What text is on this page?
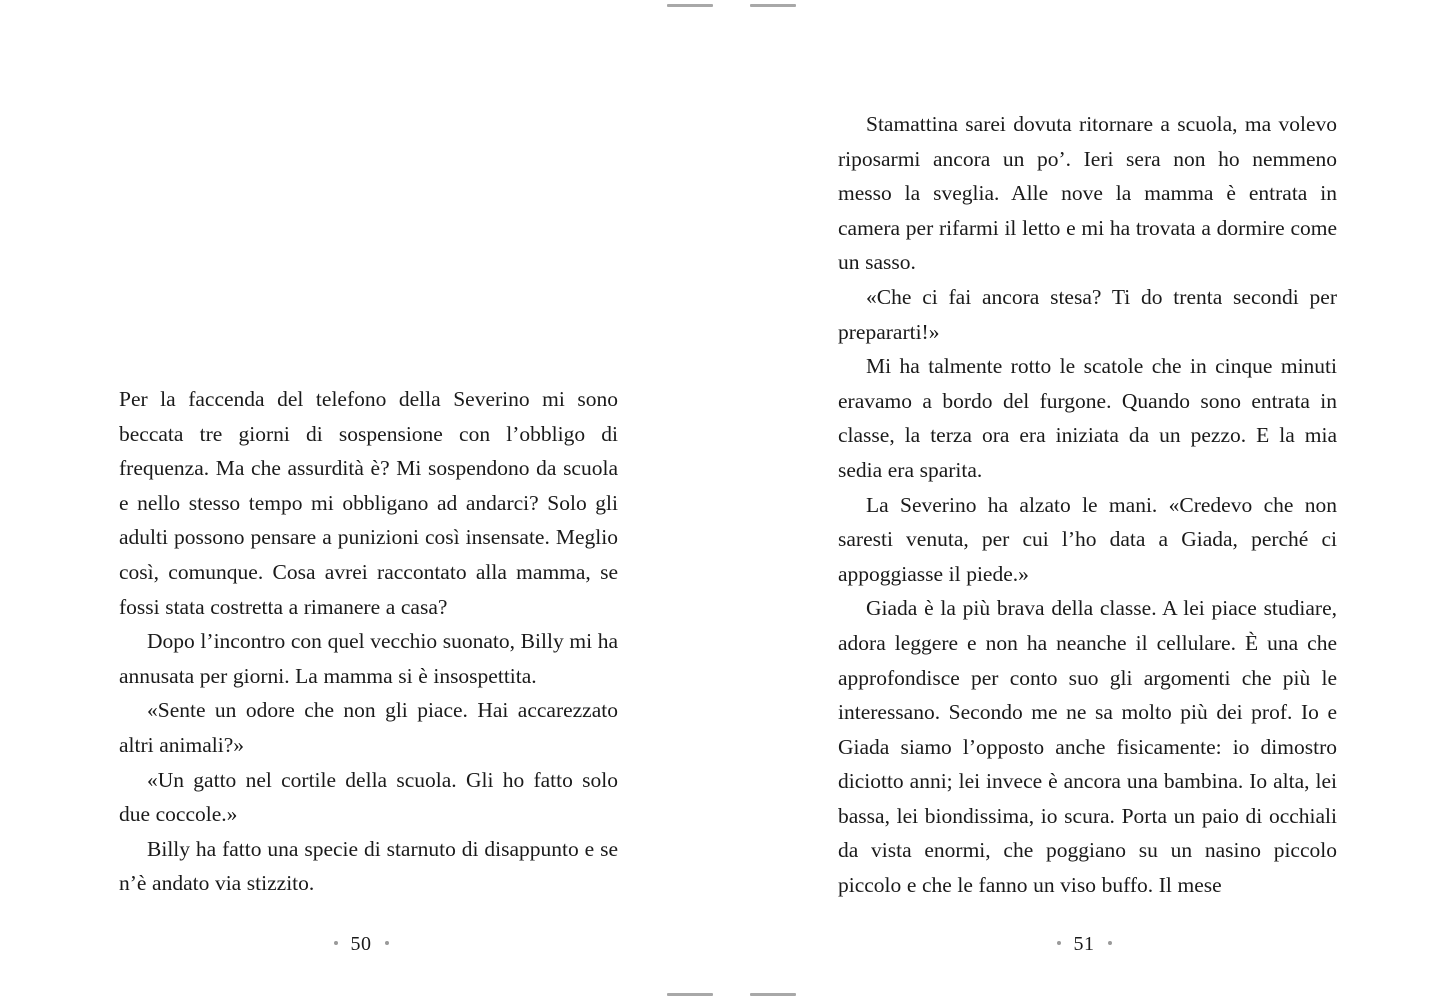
Per la faccenda del telefono della Severino mi sono beccata tre giorni di sospensione con l’obbligo di frequenza. Ma che assurdità è? Mi sospendono da scuola e nello stesso tempo mi obbligano ad andarci? Solo gli adulti possono pensare a punizioni così insensate. Meglio così, comunque. Cosa avrei raccontato alla mamma, se fossi stata costretta a rimanere a casa?

Dopo l’incontro con quel vecchio suonato, Billy mi ha annusata per giorni. La mamma si è insospettita.

«Sente un odore che non gli piace. Hai accarezzato altri animali?»

«Un gatto nel cortile della scuola. Gli ho fatto solo due coccole.»

Billy ha fatto una specie di starnuto di disappunto e se n’è andato via stizzito.

50

Stamattina sarei dovuta ritornare a scuola, ma volevo riposarmi ancora un po’. Ieri sera non ho nemmeno messo la sveglia. Alle nove la mamma è entrata in camera per rifarmi il letto e mi ha trovata a dormire come un sasso.

«Che ci fai ancora stesa? Ti do trenta secondi per prepararti!»

Mi ha talmente rotto le scatole che in cinque minuti eravamo a bordo del furgone. Quando sono entrata in classe, la terza ora era iniziata da un pezzo. E la mia sedia era sparita.

La Severino ha alzato le mani. «Credevo che non saresti venuta, per cui l’ho data a Giada, perché ci appoggiasse il piede.»

Giada è la più brava della classe. A lei piace studiare, adora leggere e non ha neanche il cellulare. È una che approfondisce per conto suo gli argomenti che più le interessano. Secondo me ne sa molto più dei prof. Io e Giada siamo l’opposto anche fisicamente: io dimostro diciotto anni; lei invece è ancora una bambina. Io alta, lei bassa, lei biondissima, io scura. Porta un paio di occhiali da vista enormi, che poggiano su un nasino piccolo piccolo e che le fanno un viso buffo. Il mese

51
